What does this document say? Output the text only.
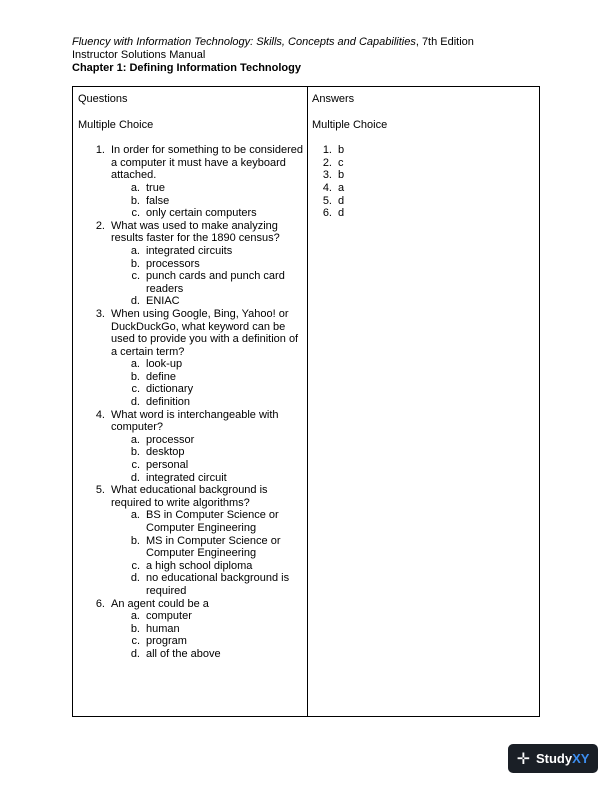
Fluency with Information Technology: Skills, Concepts and Capabilities, 7th Edition
Instructor Solutions Manual
Chapter 1: Defining Information Technology
Questions
Multiple Choice
1. In order for something to be considered a computer it must have a keyboard attached.
a. true
b. false
c. only certain computers
2. What was used to make analyzing results faster for the 1890 census?
a. integrated circuits
b. processors
c. punch cards and punch card readers
d. ENIAC
3. When using Google, Bing, Yahoo! or DuckDuckGo, what keyword can be used to provide you with a definition of a certain term?
a. look-up
b. define
c. dictionary
d. definition
4. What word is interchangeable with computer?
a. processor
b. desktop
c. personal
d. integrated circuit
5. What educational background is required to write algorithms?
a. BS in Computer Science or Computer Engineering
b. MS in Computer Science or Computer Engineering
c. a high school diploma
d. no educational background is required
6. An agent could be a
a. computer
b. human
c. program
d. all of the above
Answers
Multiple Choice
1. b
2. c
3. b
4. a
5. d
6. d
✛ Study XY
